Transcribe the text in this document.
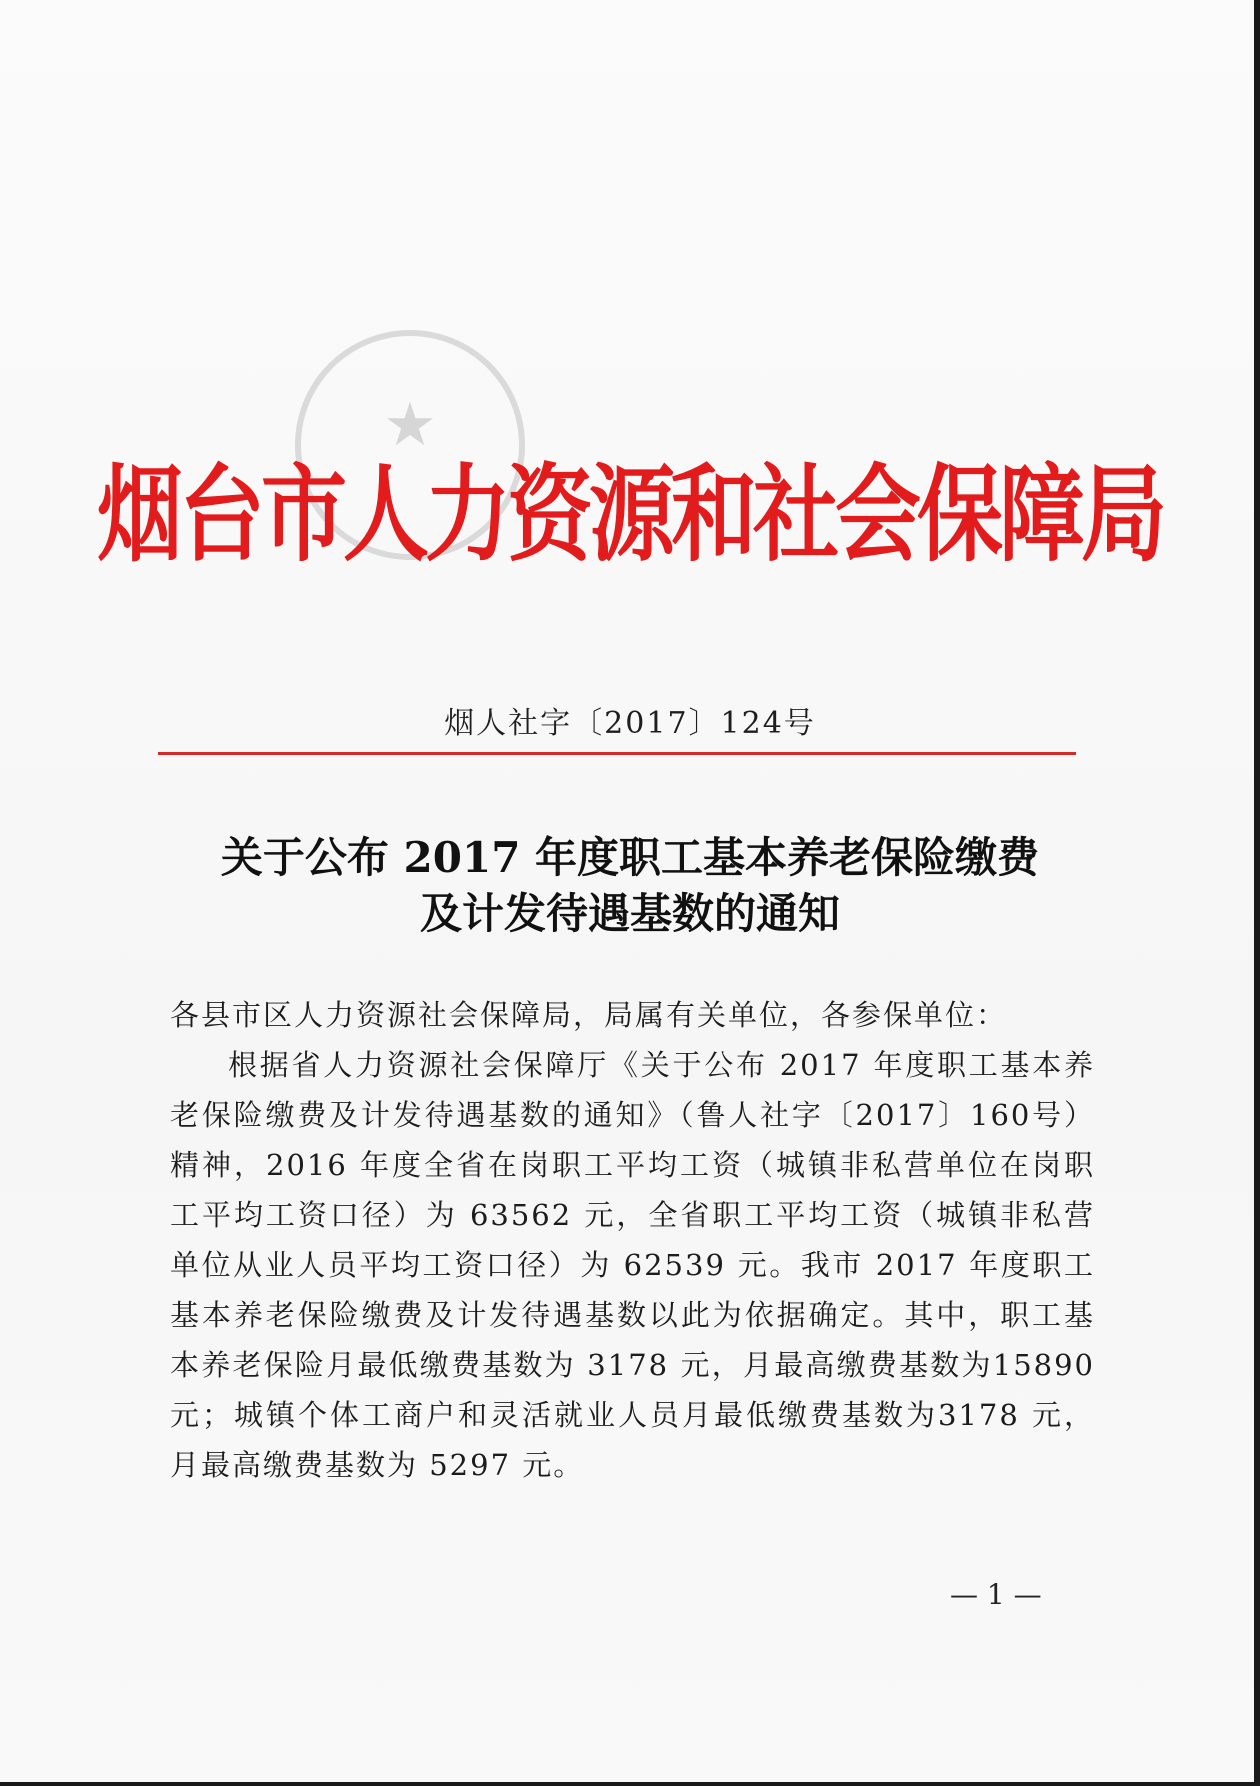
★
烟台市人力资源和社会保障局
烟人社字〔2017〕124号
关于公布 2017 年度职工基本养老保险缴费
及计发待遇基数的通知

各县市区人力资源社会保障局，局属有关单位，各参保单位：

根据省人力资源社会保障厅《关于公布 2017 年度职工基本养老保险缴费及计发待遇基数的通知》（鲁人社字〔2017〕160号）精神，2016 年度全省在岗职工平均工资（城镇非私营单位在岗职工平均工资口径）为 63562 元，全省职工平均工资（城镇非私营单位从业人员平均工资口径）为 62539 元。我市 2017 年度职工基本养老保险缴费及计发待遇基数以此为依据确定。其中，职工基本养老保险月最低缴费基数为 3178 元，月最高缴费基数为15890 元；城镇个体工商户和灵活就业人员月最低缴费基数为3178 元，月最高缴费基数为 5297 元。

— 1 —
